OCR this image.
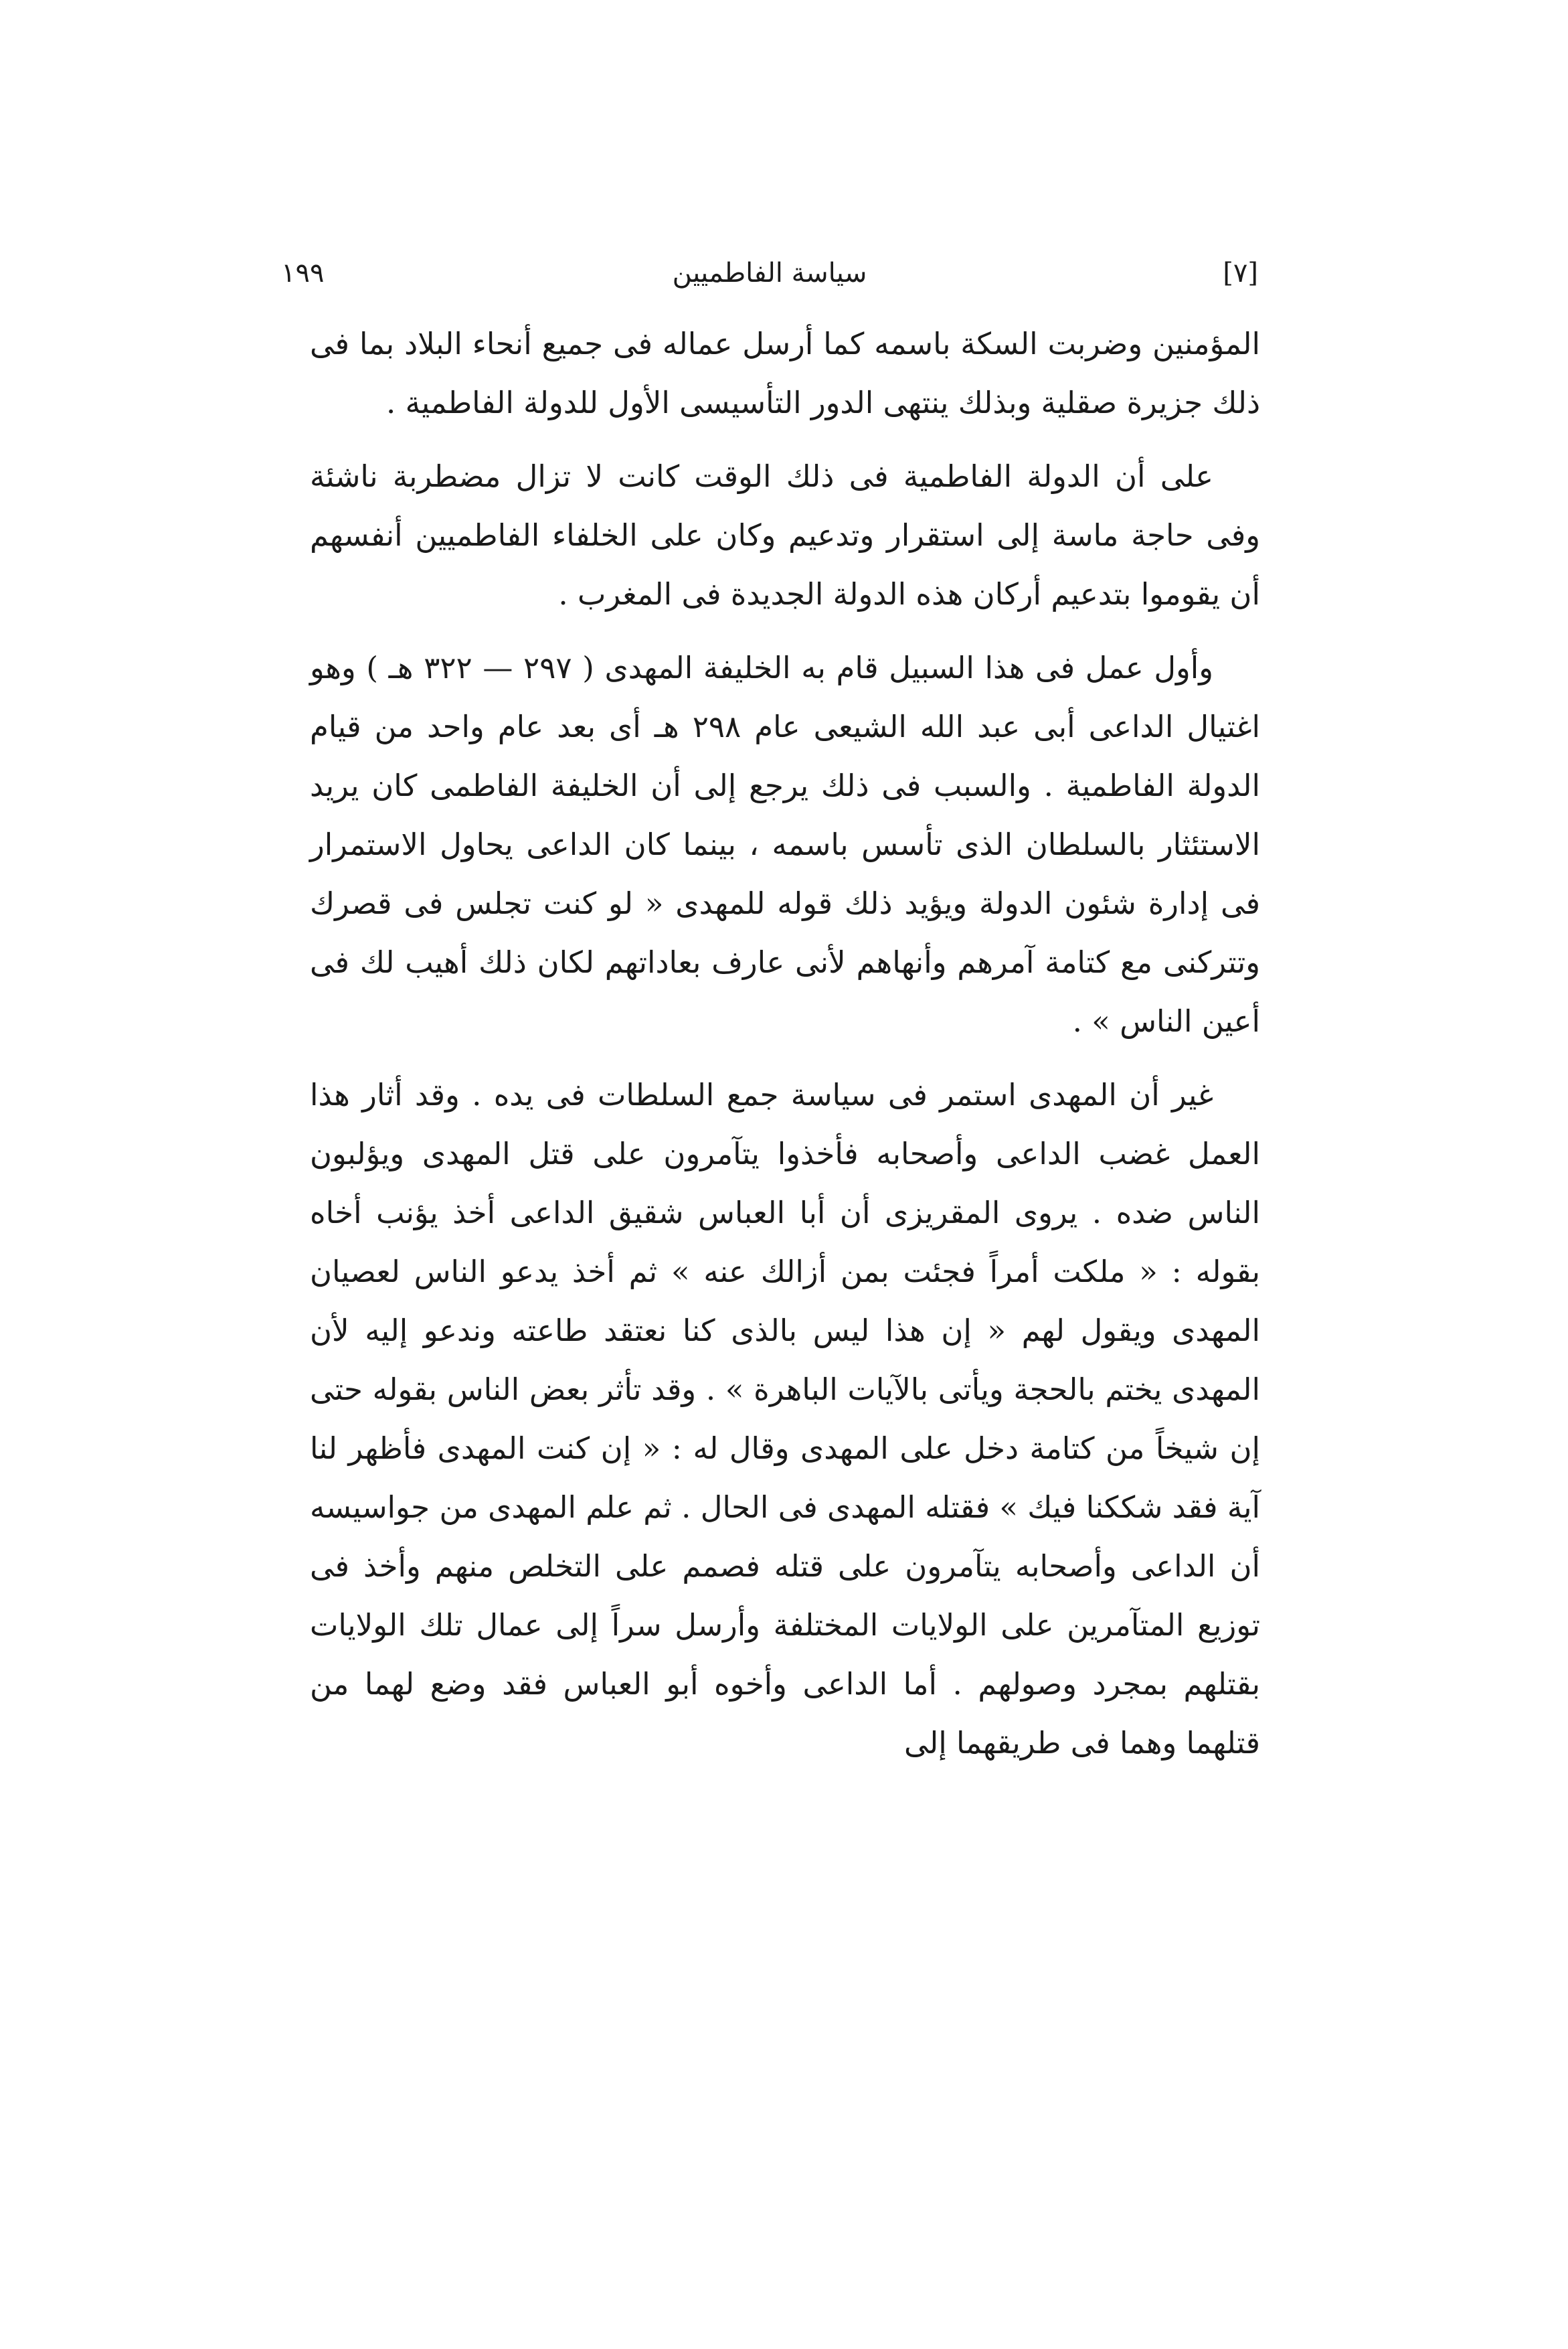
[٧]
سياسة الفاطميين
١٩٩

المؤمنين وضربت السكة باسمه كما أرسل عماله فى جميع أنحاء البلاد بما فى ذلك جزيرة صقلية وبذلك ينتهى الدور التأسيسى الأول للدولة الفاطمية .

على أن الدولة الفاطمية فى ذلك الوقت كانت لا تزال مضطربة ناشئة وفى حاجة ماسة إلى استقرار وتدعيم وكان على الخلفاء الفاطميين أنفسهم أن يقوموا بتدعيم أركان هذه الدولة الجديدة فى المغرب .

وأول عمل فى هذا السبيل قام به الخليفة المهدى ( ٢٩٧ — ٣٢٢ هـ ) وهو اغتيال الداعى أبى عبد الله الشيعى عام ٢٩٨ هـ أى بعد عام واحد من قيام الدولة الفاطمية . والسبب فى ذلك يرجع إلى أن الخليفة الفاطمى كان يريد الاستئثار بالسلطان الذى تأسس باسمه ، بينما كان الداعى يحاول الاستمرار فى إدارة شئون الدولة ويؤيد ذلك قوله للمهدى « لو كنت تجلس فى قصرك وتتركنى مع كتامة آمرهم وأنهاهم لأنى عارف بعاداتهم لكان ذلك أهيب لك فى أعين الناس » .

غير أن المهدى استمر فى سياسة جمع السلطات فى يده . وقد أثار هذا العمل غضب الداعى وأصحابه فأخذوا يتآمرون على قتل المهدى ويؤلبون الناس ضده . يروى المقريزى أن أبا العباس شقيق الداعى أخذ يؤنب أخاه بقوله : « ملكت أمراً فجئت بمن أزالك عنه » ثم أخذ يدعو الناس لعصيان المهدى ويقول لهم « إن هذا ليس بالذى كنا نعتقد طاعته وندعو إليه لأن المهدى يختم بالحجة ويأتى بالآيات الباهرة » . وقد تأثر بعض الناس بقوله حتى إن شيخاً من كتامة دخل على المهدى وقال له : « إن كنت المهدى فأظهر لنا آية فقد شككنا فيك » فقتله المهدى فى الحال . ثم علم المهدى من جواسيسه أن الداعى وأصحابه يتآمرون على قتله فصمم على التخلص منهم وأخذ فى توزيع المتآمرين على الولايات المختلفة وأرسل سراً إلى عمال تلك الولايات بقتلهم بمجرد وصولهم . أما الداعى وأخوه أبو العباس فقد وضع لهما من قتلهما وهما فى طريقهما إلى
